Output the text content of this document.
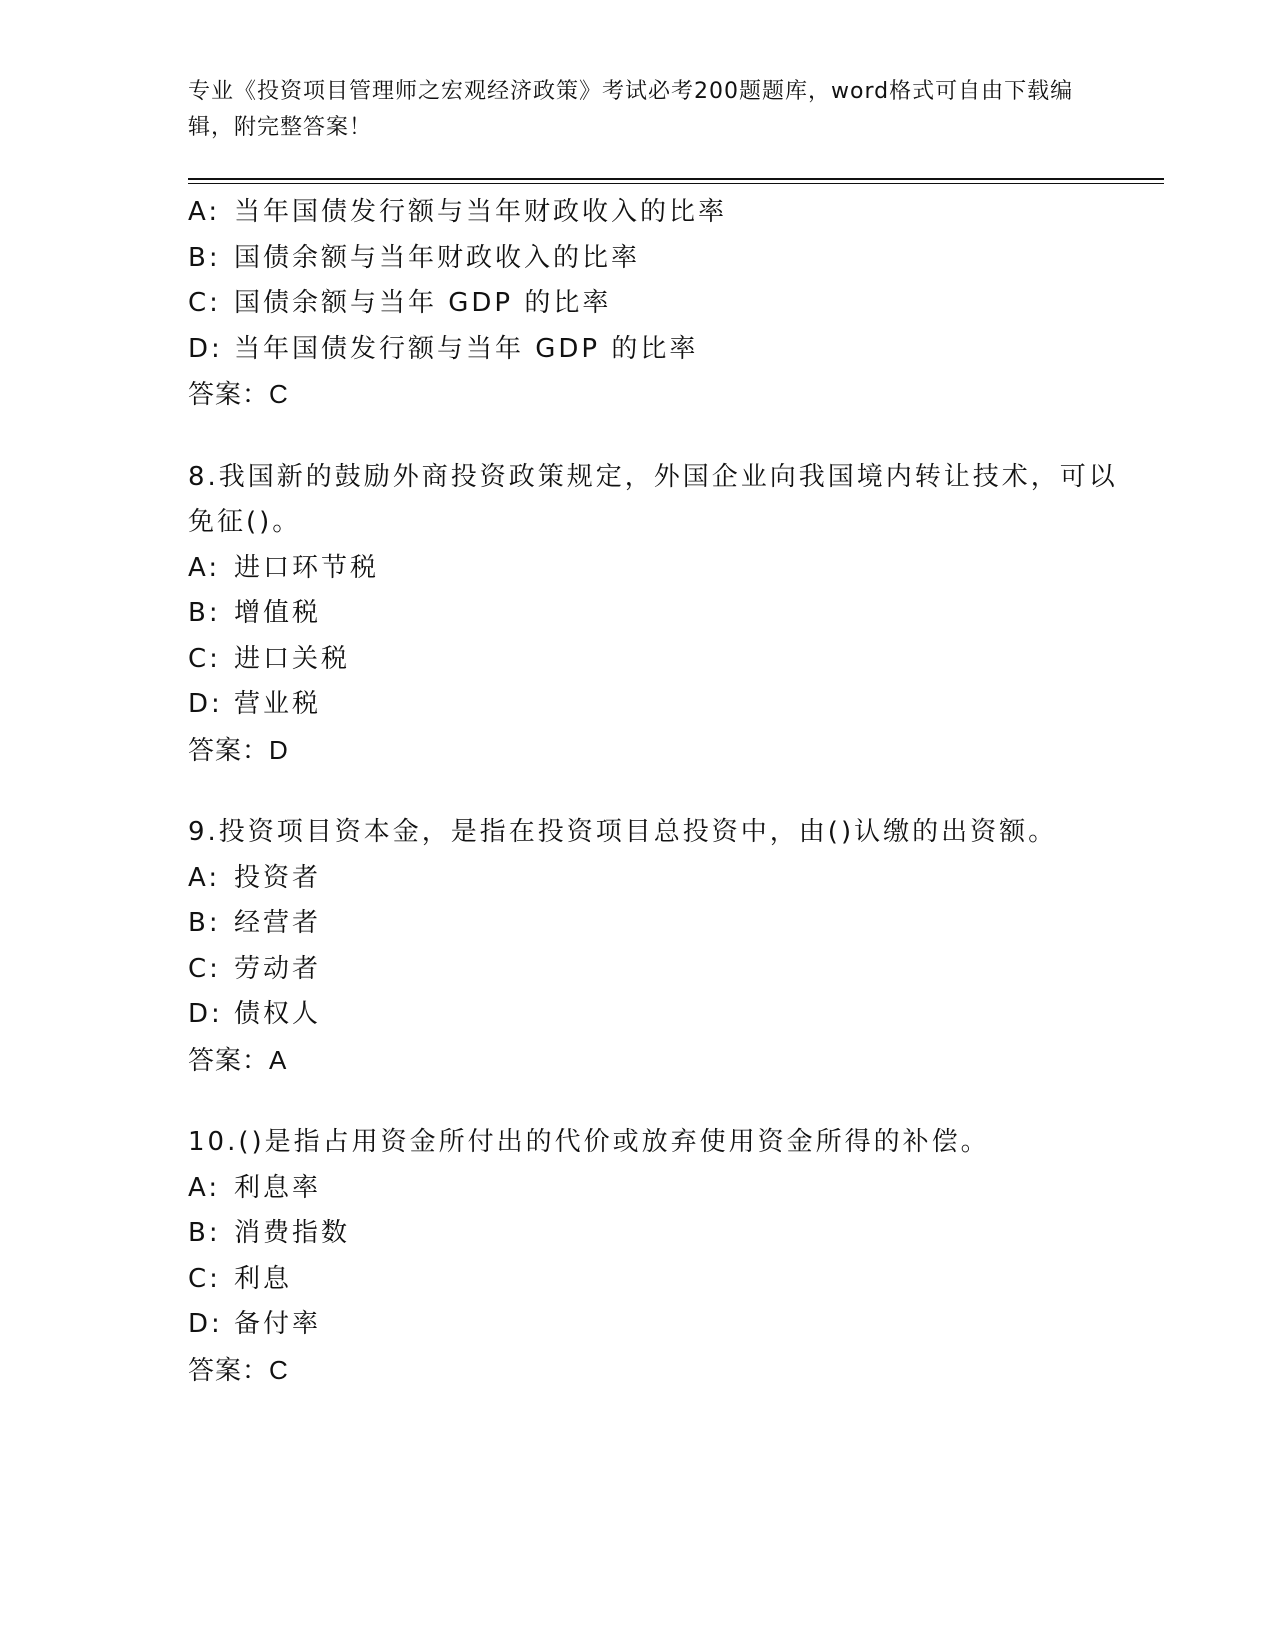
专业《投资项目管理师之宏观经济政策》考试必考200题题库，word格式可自由下载编辑，附完整答案！
A: 当年国债发行额与当年财政收入的比率
B: 国债余额与当年财政收入的比率
C: 国债余额与当年 GDP 的比率
D: 当年国债发行额与当年 GDP 的比率
答案：C

8.我国新的鼓励外商投资政策规定，外国企业向我国境内转让技术，可以免征()。

A: 进口环节税
B: 增值税
C: 进口关税
D: 营业税
答案：D

9.投资项目资本金，是指在投资项目总投资中，由()认缴的出资额。

A: 投资者
B: 经营者
C: 劳动者
D: 债权人
答案：A

10.()是指占用资金所付出的代价或放弃使用资金所得的补偿。

A: 利息率
B: 消费指数
C: 利息
D: 备付率
答案：C
